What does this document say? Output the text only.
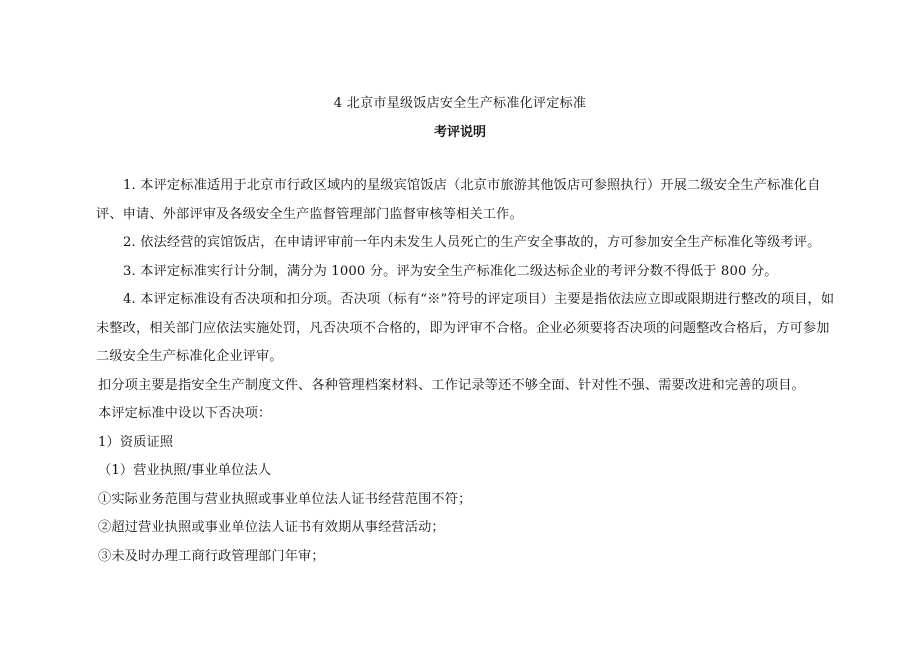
4 北京市星级饭店安全生产标准化评定标准
考评说明

1. 本评定标准适用于北京市行政区域内的星级宾馆饭店（北京市旅游其他饭店可参照执行）开展二级安全生产标准化自评、申请、外部评审及各级安全生产监督管理部门监督审核等相关工作。

2. 依法经营的宾馆饭店，在申请评审前一年内未发生人员死亡的生产安全事故的，方可参加安全生产标准化等级考评。

3. 本评定标准实行计分制，满分为 1000 分。评为安全生产标准化二级达标企业的考评分数不得低于 800 分。

4. 本评定标准设有否决项和扣分项。否决项（标有“※”符号的评定项目）主要是指依法应立即或限期进行整改的项目，如未整改，相关部门应依法实施处罚，凡否决项不合格的，即为评审不合格。企业必须要将否决项的问题整改合格后，方可参加二级安全生产标准化企业评审。

扣分项主要是指安全生产制度文件、各种管理档案材料、工作记录等还不够全面、针对性不强、需要改进和完善的项目。

本评定标准中设以下否决项：

1）资质证照

（1）营业执照/事业单位法人

①实际业务范围与营业执照或事业单位法人证书经营范围不符；

②超过营业执照或事业单位法人证书有效期从事经营活动；

③未及时办理工商行政管理部门年审；
